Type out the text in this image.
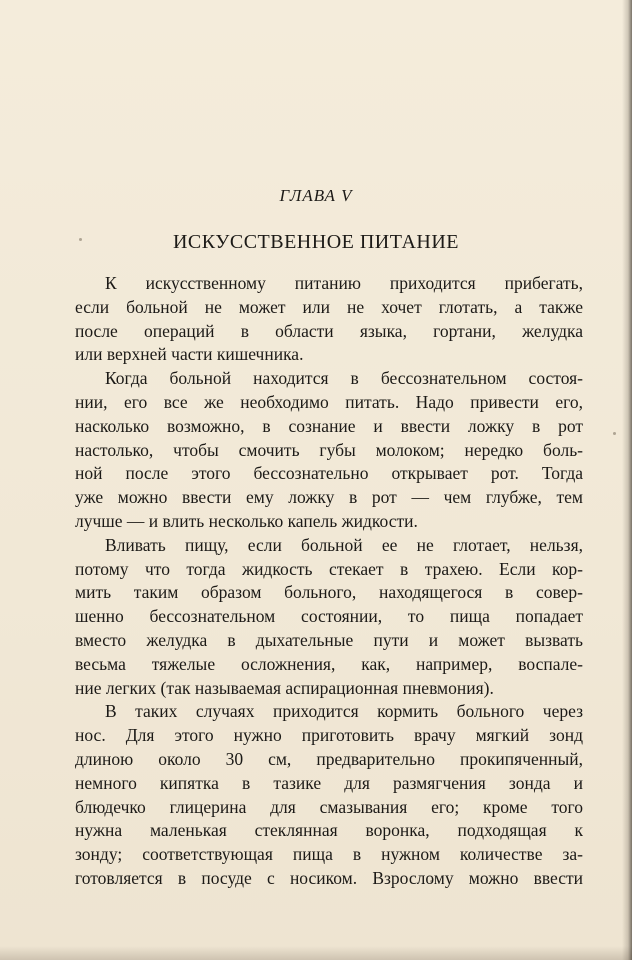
ГЛАВА V
ИСКУССТВЕННОЕ ПИТАНИЕ
К искусственному питанию приходится прибегать,
если больной не может или не хочет глотать, а также
после операций в области языка, гортани, желудка
или верхней части кишечника.
Когда больной находится в бессознательном состоя-
нии, его все же необходимо питать. Надо привести его,
насколько возможно, в сознание и ввести ложку в рот
настолько, чтобы смочить губы молоком; нередко боль-
ной после этого бессознательно открывает рот. Тогда
уже можно ввести ему ложку в рот — чем глубже, тем
лучше — и влить несколько капель жидкости.
Вливать пищу, если больной ее не глотает, нельзя,
потому что тогда жидкость стекает в трахею. Если кор-
мить таким образом больного, находящегося в совер-
шенно бессознательном состоянии, то пища попадает
вместо желудка в дыхательные пути и может вызвать
весьма тяжелые осложнения, как, например, воспале-
ние легких (так называемая аспирационная пневмония).
В таких случаях приходится кормить больного через
нос. Для этого нужно приготовить врачу мягкий зонд
длиною около 30 см, предварительно прокипяченный,
немного кипятка в тазике для размягчения зонда и
блюдечко глицерина для смазывания его; кроме того
нужна маленькая стеклянная воронка, подходящая к
зонду; соответствующая пища в нужном количестве за-
готовляется в посуде с носиком. Взрослому можно ввести
